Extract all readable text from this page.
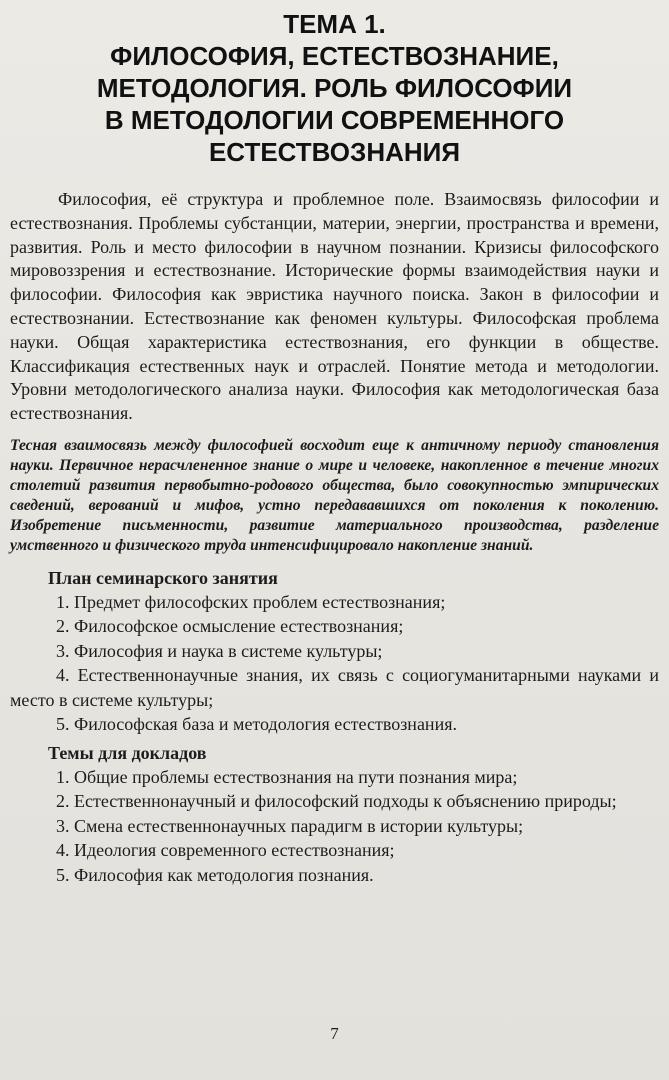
ТЕМА 1.
ФИЛОСОФИЯ, ЕСТЕСТВОЗНАНИЕ,
МЕТОДОЛОГИЯ. РОЛЬ ФИЛОСОФИИ
В МЕТОДОЛОГИИ СОВРЕМЕННОГО
ЕСТЕСТВОЗНАНИЯ

Философия, её структура и проблемное поле. Взаимосвязь философии и естествознания. Проблемы субстанции, материи, энергии, пространства и времени, развития. Роль и место философии в научном познании. Кризисы философского мировоззрения и естествознание. Исторические формы взаимодействия науки и философии. Философия как эвристика научного поиска. Закон в философии и естествознании. Естествознание как феномен культуры. Философская проблема науки. Общая характеристика естествознания, его функции в обществе. Классификация естественных наук и отраслей. Понятие метода и методологии. Уровни методологического анализа науки. Философия как методологическая база естествознания.

Тесная взаимосвязь между философией восходит еще к античному периоду становления науки. Первичное нерасчлененное знание о мире и человеке, накопленное в течение многих столетий развития первобытно-родового общества, было совокупностью эмпирических сведений, верований и мифов, устно передававшихся от поколения к поколению. Изобретение письменности, развитие материального производства, разделение умственного и физического труда интенсифицировало накопление знаний.

План семинарского занятия
1. Предмет философских проблем естествознания;
2. Философское осмысление естествознания;
3. Философия и наука в системе культуры;
4. Естественнонаучные знания, их связь с социогуманитарными науками и место в системе культуры;
5. Философская база и методология естествознания.
Темы для докладов
1. Общие проблемы естествознания на пути познания мира;
2. Естественнонаучный и философский подходы к объяснению природы;
3. Смена естественнонаучных парадигм в истории культуры;
4. Идеология современного естествознания;
5. Философия как методология познания.
7
